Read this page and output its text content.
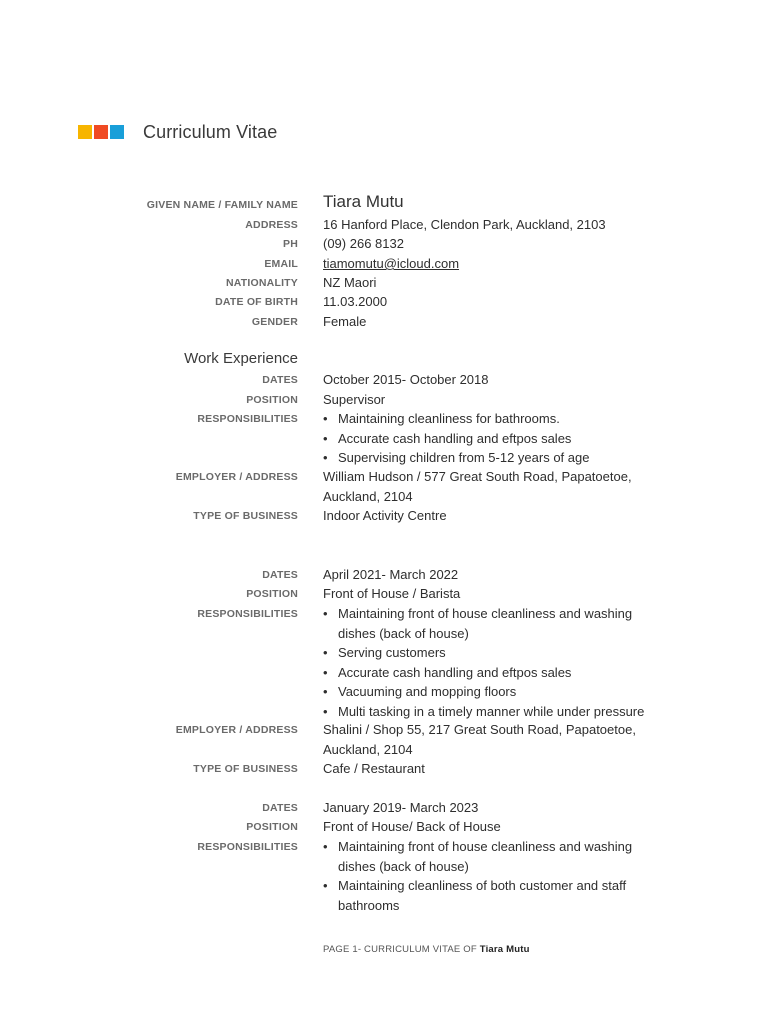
Curriculum Vitae
GIVEN NAME / FAMILY NAME Tiara Mutu
ADDRESS 16 Hanford Place, Clendon Park, Auckland, 2103
PH (09) 266 8132
EMAIL tiamomutu@icloud.com
NATIONALITY NZ Maori
DATE OF BIRTH 11.03.2000
GENDER Female
Work Experience
DATES October 2015- October 2018
POSITION Supervisor
RESPONSIBILITIES • Maintaining cleanliness for bathrooms.
• Accurate cash handling and eftpos sales
• Supervising children from 5-12 years of age
EMPLOYER / ADDRESS William Hudson / 577 Great South Road, Papatoetoe,
Auckland, 2104
TYPE OF BUSINESS Indoor Activity Centre
DATES April 2021- March 2022
POSITION Front of House / Barista
RESPONSIBILITIES • Maintaining front of house cleanliness and washing dishes (back of house)
• Serving customers
• Accurate cash handling and eftpos sales
• Vacuuming and mopping floors
• Multi tasking in a timely manner while under pressure
EMPLOYER / ADDRESS Shalini / Shop 55, 217 Great South Road, Papatoetoe,
Auckland, 2104
TYPE OF BUSINESS Cafe / Restaurant
DATES January 2019- March 2023
POSITION Front of House/ Back of House
RESPONSIBILITIES • Maintaining front of house cleanliness and washing dishes (back of house)
• Maintaining cleanliness of both customer and staff bathrooms
PAGE 1- CURRICULUM VITAE OF Tiara Mutu
